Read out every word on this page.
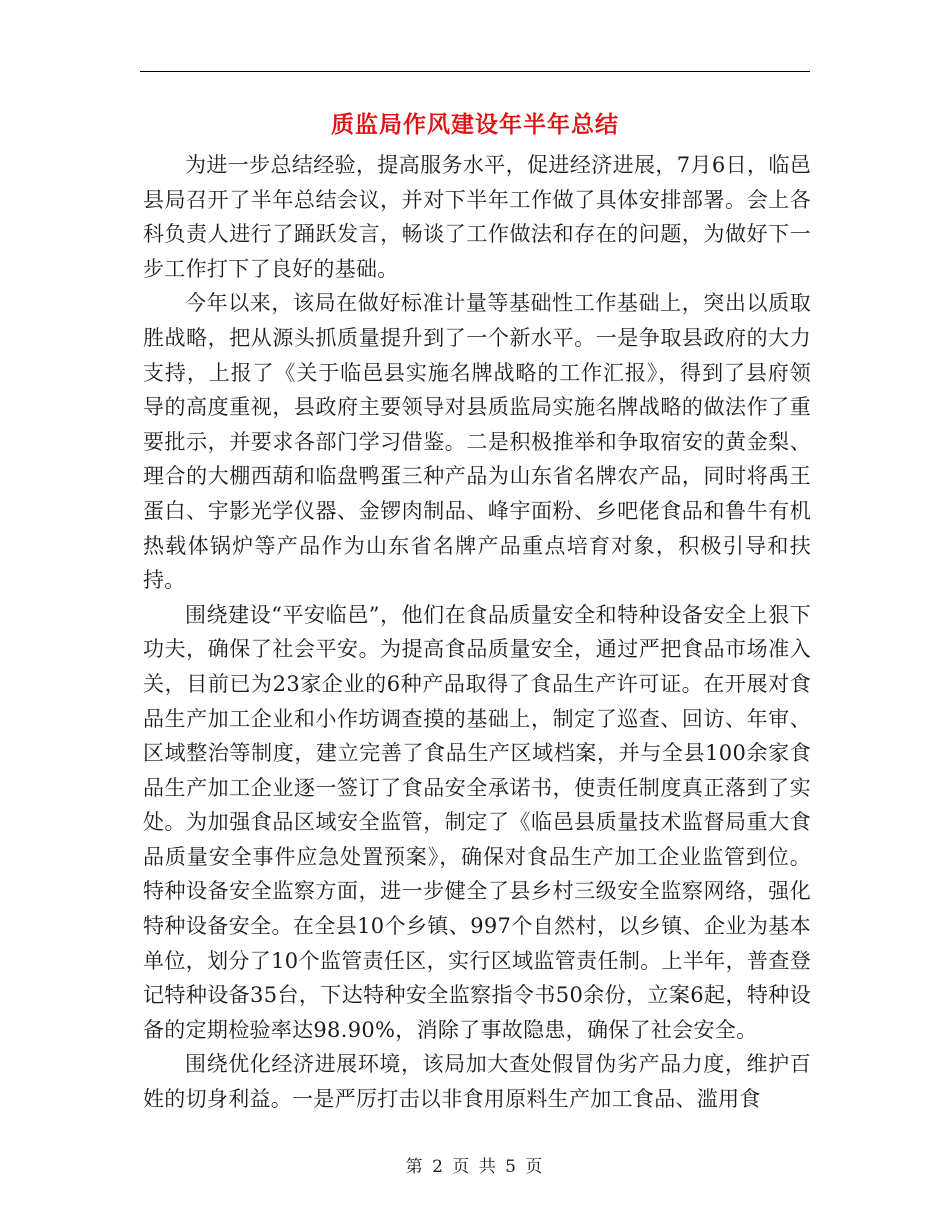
质监局作风建设年半年总结

为进一步总结经验，提高服务水平，促进经济进展，7月6日，临邑县局召开了半年总结会议，并对下半年工作做了具体安排部署。会上各科负责人进行了踊跃发言，畅谈了工作做法和存在的问题，为做好下一步工作打下了良好的基础。

今年以来，该局在做好标准计量等基础性工作基础上，突出以质取胜战略，把从源头抓质量提升到了一个新水平。一是争取县政府的大力支持，上报了《关于临邑县实施名牌战略的工作汇报》，得到了县府领导的高度重视，县政府主要领导对县质监局实施名牌战略的做法作了重要批示，并要求各部门学习借鉴。二是积极推举和争取宿安的黄金梨、理合的大棚西葫和临盘鸭蛋三种产品为山东省名牌农产品，同时将禹王蛋白、宇影光学仪器、金锣肉制品、峰宇面粉、乡吧佬食品和鲁牛有机热载体锅炉等产品作为山东省名牌产品重点培育对象，积极引导和扶持。

围绕建设“平安临邑”，他们在食品质量安全和特种设备安全上狠下功夫，确保了社会平安。为提高食品质量安全，通过严把食品市场准入关，目前已为23家企业的6种产品取得了食品生产许可证。在开展对食品生产加工企业和小作坊调查摸的基础上，制定了巡查、回访、年审、区域整治等制度，建立完善了食品生产区域档案，并与全县100余家食品生产加工企业逐一签订了食品安全承诺书，使责任制度真正落到了实处。为加强食品区域安全监管，制定了《临邑县质量技术监督局重大食品质量安全事件应急处置预案》，确保对食品生产加工企业监管到位。特种设备安全监察方面，进一步健全了县乡村三级安全监察网络，强化特种设备安全。在全县10个乡镇、997个自然村，以乡镇、企业为基本单位，划分了10个监管责任区，实行区域监管责任制。上半年，普查登记特种设备35台，下达特种安全监察指令书50余份，立案6起，特种设备的定期检验率达98.90%，消除了事故隐患，确保了社会安全。

围绕优化经济进展环境，该局加大查处假冒伪劣产品力度，维护百姓的切身利益。一是严厉打击以非食用原料生产加工食品、滥用食

第 2 页 共 5 页
